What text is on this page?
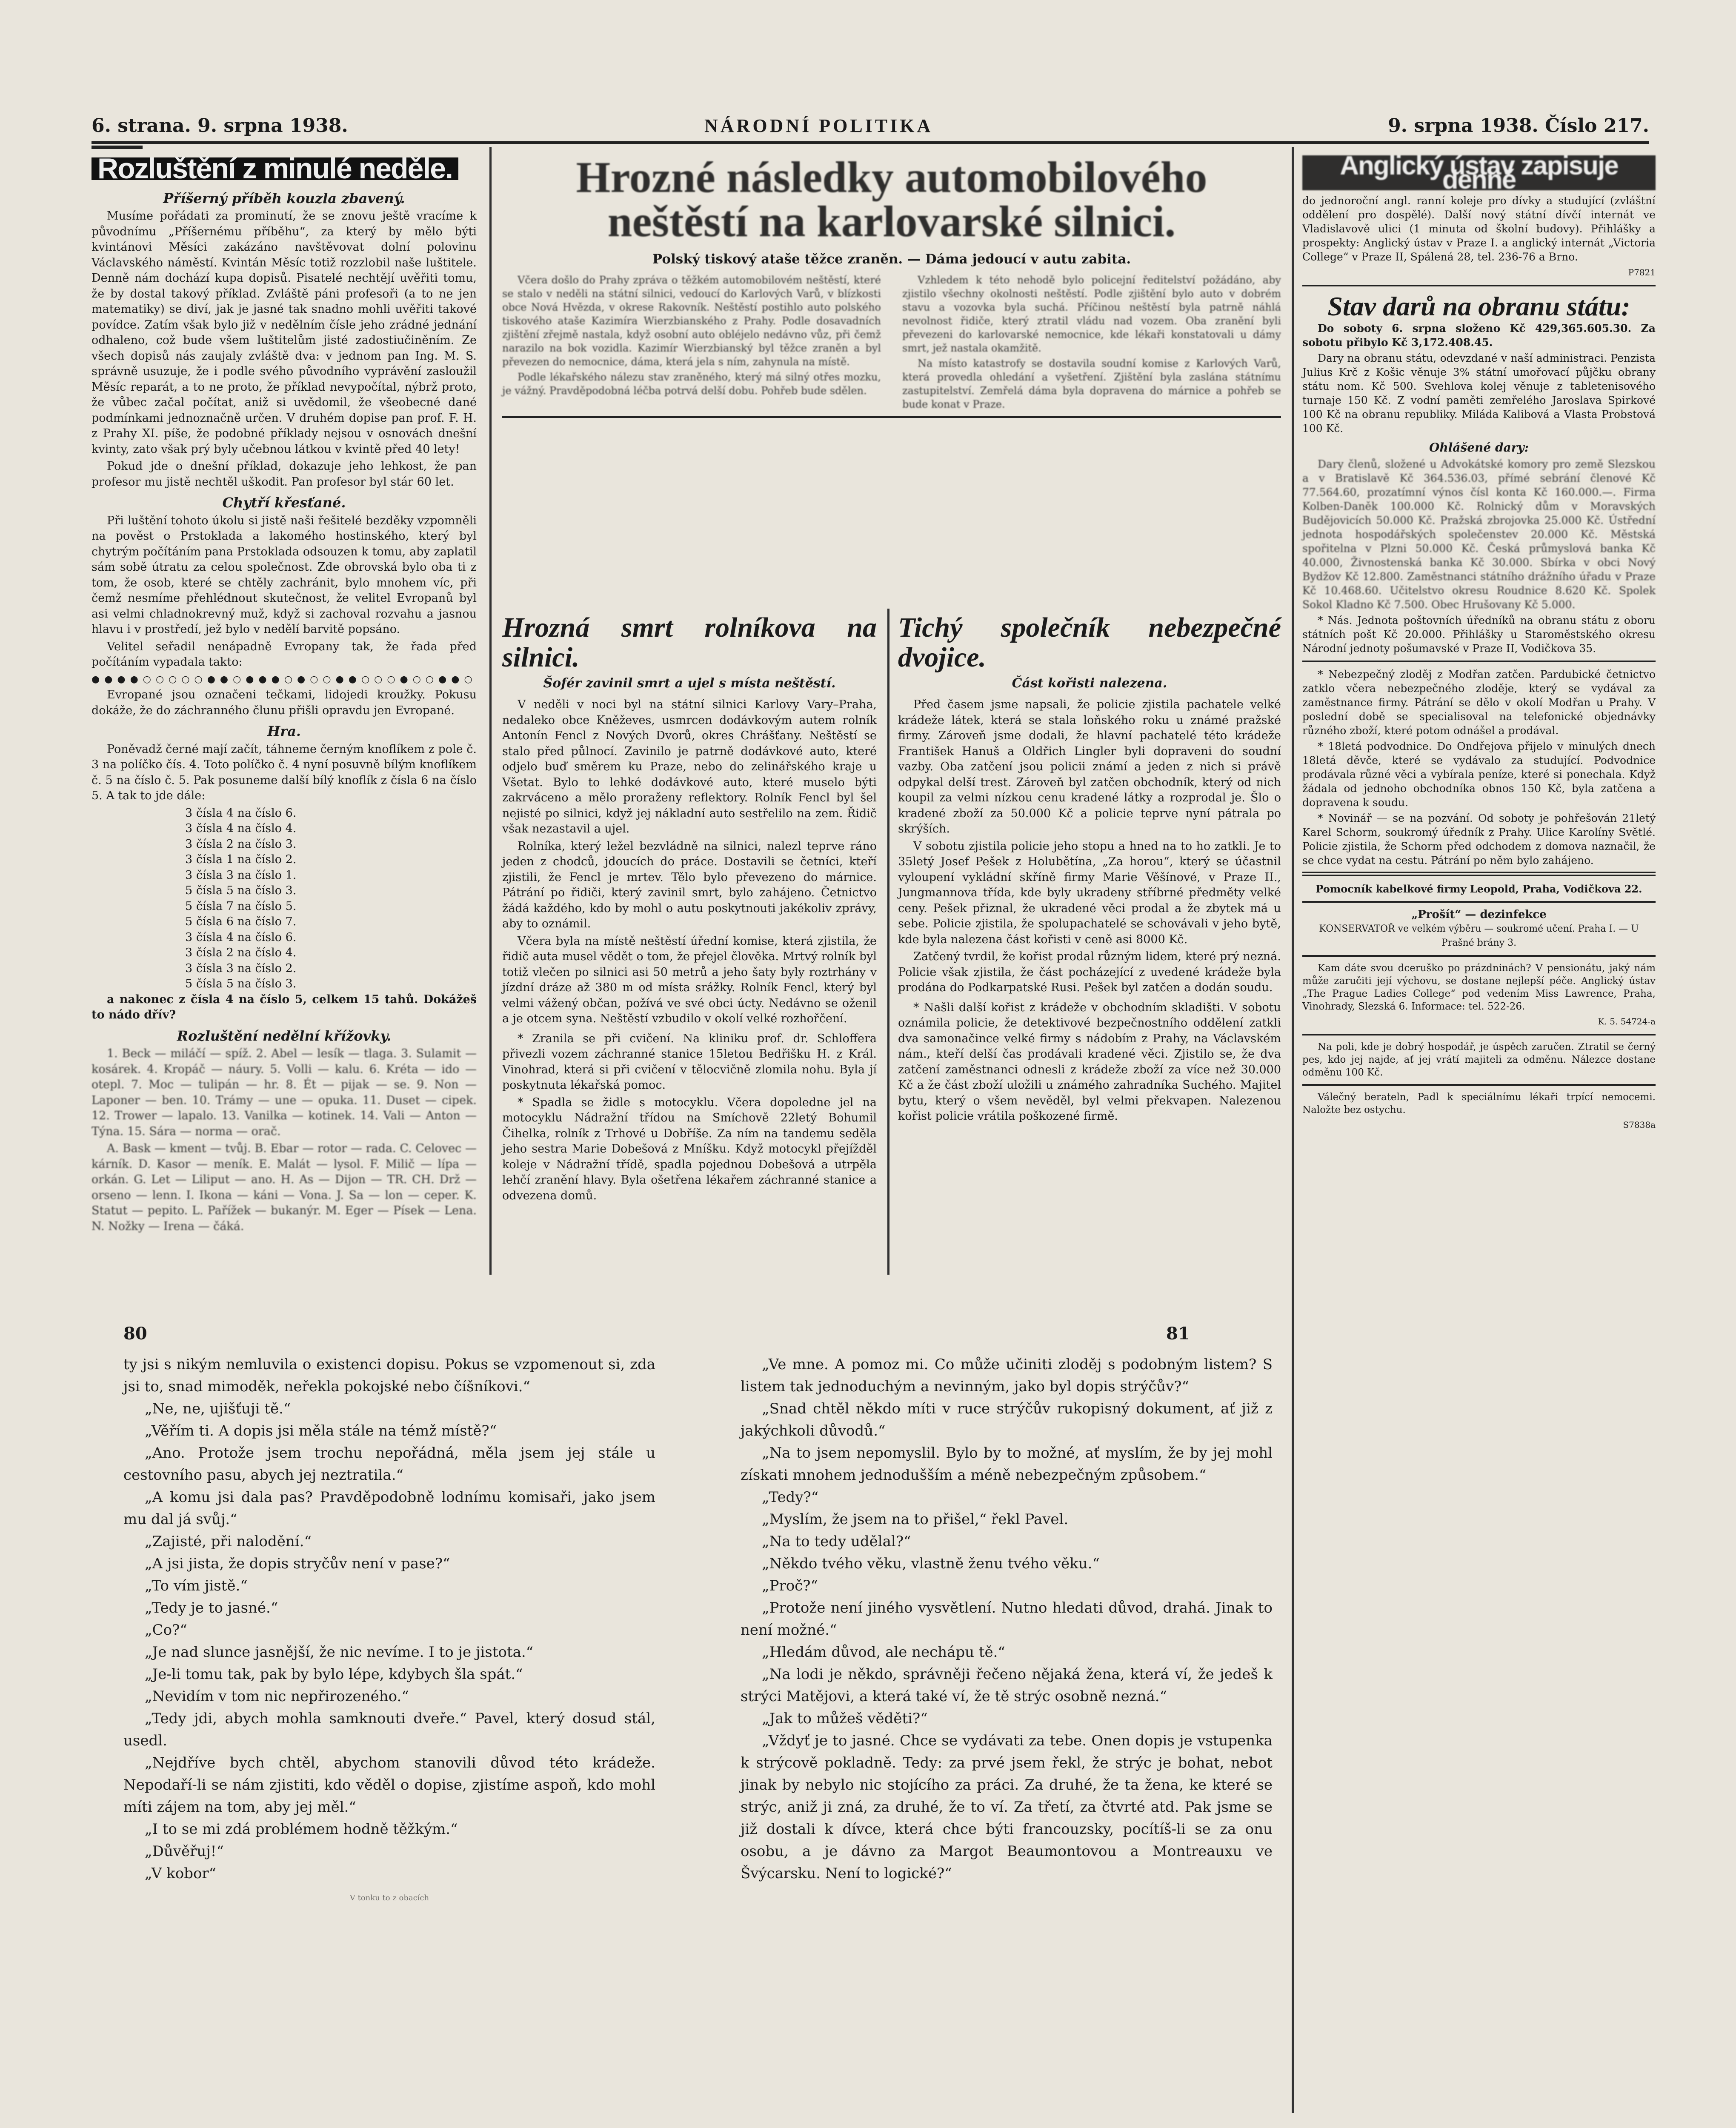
6. strana. 9. srpna 1938.	NÁRODNÍ POLITIKA	9. srpna 1938. Číslo 217.
Rozluštění z minulé neděle.
Příšerný příběh kouzla zbavený.

Musíme pořádati za prominutí, že se znovu ještě vracíme k původnímu „Příšernému příběhu“, za který by mělo býti kvintánovi Měsíci zakázáno navštěvovat dolní polovinu Václavského náměstí. Kvintán Měsíc totiž rozzlobil naše luštitele. Denně nám dochází kupa dopisů. Pisatelé nechtějí uvěřiti tomu, že by dostal takový příklad. Zvláště páni profesoři (a to ne jen matematiky) se diví, jak je jasné tak snadno mohli uvěřiti takové povídce. Zatím však bylo již v nedělním čísle jeho zrádné jednání odhaleno, což bude všem luštitelům jisté zadostiučiněním. Ze všech dopisů nás zaujaly zvláště dva: v jednom pan Ing. M. S. správně usuzuje, že i podle svého původního vyprávění zasloužil Měsíc reparát, a to ne proto, že příklad nevypočítal, nýbrž proto, že vůbec začal počítat, aniž si uvědomil, že všeobecné dané podmínkami jednoznačně určen. V druhém dopise pan prof. F. H. z Prahy XI. píše, že podobné příklady nejsou v osnovách dnešní kvinty, zato však prý byly učebnou látkou v kvintě před 40 lety!

Pokud jde o dnešní příklad, dokazuje jeho lehkost, že pan profesor mu jistě nechtěl uškodit. Pan profesor byl stár 60 let.

Chytří křesťané.

Při luštění tohoto úkolu si jistě naši řešitelé bezděky vzpomněli na pověst o Prstoklada a lakomého hostinského, který byl chytrým počítáním pana Prstoklada odsouzen k tomu, aby zaplatil sám sobě útratu za celou společnost. Zde obrovská bylo oba ti z tom, že osob, které se chtěly zachránit, bylo mnohem víc, při čemž nesmíme přehlédnout skutečnost, že velitel Evropanů byl asi velmi chladnokrevný muž, když si zachoval rozvahu a jasnou hlavu i v prostředí, jež bylo v nedělí barvitě popsáno.

Velitel seřadil nenápadně Evropany tak, že řada před počítáním vypadala takto:

● ● ● ● ○ ○ ○ ○ ○ ● ● ○ ● ● ● ○ ● ○ ○ ● ● ○ ○ ○ ● ○ ○ ● ● ○

Evropané jsou označeni tečkami, lidojedi kroužky. Pokusu dokáže, že do záchranného člunu přišli opravdu jen Evropané.

Hra.

Poněvadž černé mají začít, táhneme černým knoflíkem z pole č. 3 na políčko čís. 4. Toto políčko č. 4 nyní posuvně bílým knoflíkem č. 5 na číslo č. 5. Pak posuneme další bílý knoflík z čísla 6 na číslo 5. A tak to jde dále:

3 čísla 4 na číslo 6.
3 čísla 4 na číslo 4.
3 čísla 2 na číslo 3.
3 čísla 1 na číslo 2.
3 čísla 3 na číslo 1.
5 čísla 5 na číslo 3.
5 čísla 7 na číslo 5.
5 čísla 6 na číslo 7.
3 čísla 4 na číslo 6.
3 čísla 2 na číslo 4.
3 čísla 3 na číslo 2.
5 čísla 5 na číslo 3.

a nakonec z čísla 4 na číslo 5, celkem 15 tahů. Dokážeš to nádo dřív?

Rozluštění nedělní křížovky.

1. Beck — miláčí — spíž. 2. Abel — lesík — tlaga. 3. Sulamit — kosárek. 4. Kropáč — náury. 5. Volli — kalu. 6. Kréta — ido — otepl. 7. Moc — tulipán — hr. 8. Ét — pijak — se. 9. Non — Laponer — ben. 10. Trámy — une — opuka. 11. Duset — cipek. 12. Trower — lapalo. 13. Vanilka — kotinek. 14. Vali — Anton — Týna. 15. Sára — norma — orač.

A. Bask — kment — tvůj. B. Ebar — rotor — rada. C. Celovec — kárník. D. Kasor — meník. E. Malát — lysol. F. Milič — lípa — orkán. G. Let — Liliput — ano. H. As — Dijon — TR. CH. Drž — orseno — lenn. I. Ikona — káni — Vona. J. Sa — lon — ceper. K. Statut — pepito. L. Pařížek — bukanýr. M. Eger — Písek — Lena. N. Nožky — Irena — čáká.

Hrozné následky automobilového neštěstí na karlovarské silnici.
Polský tiskový ataše těžce zraněn. — Dáma jedoucí v autu zabita.

Včera došlo do Prahy zpráva o těžkém automobilovém neštěstí, které se stalo v neděli na státní silnici, vedoucí do Karlových Varů, v blízkosti obce Nová Hvězda, v okrese Rakovník. Neštěstí postihlo auto polského tiskového ataše Kazimíra Wierzbianského z Prahy. Podle dosavadních zjištění zřejmě nastala, když osobní auto obléjelo nedávno vůz, při čemž narazilo na bok vozidla. Kazimír Wierzbianský byl těžce zraněn a byl převezen do nemocnice, dáma, která jela s ním, zahynula na místě.

Podle lékařského nálezu stav zraněného, který má silný otřes mozku, je vážný. Pravděpodobná léčba potrvá delší dobu. Pohřeb bude sdělen.

Vzhledem k této nehodě bylo policejní ředitelství požádáno, aby zjistilo všechny okolnosti neštěstí. Podle zjištění bylo auto v dobrém stavu a vozovka byla suchá. Příčinou neštěstí byla patrně náhlá nevolnost řidiče, který ztratil vládu nad vozem. Oba zranění byli převezeni do karlovarské nemocnice, kde lékaři konstatovali u dámy smrt, jež nastala okamžitě.

Na místo katastrofy se dostavila soudní komise z Karlových Varů, která provedla ohledání a vyšetření. Zjištění byla zaslána státnímu zastupitelství. Zemřelá dáma byla dopravena do márnice a pohřeb se bude konat v Praze.

Hrozná smrt rolníkova na silnici.
Šofér zavinil smrt a ujel s místa neštěstí.

V neděli v noci byl na státní silnici Karlovy Vary–Praha, nedaleko obce Kněževes, usmrcen dodávkovým autem rolník Antonín Fencl z Nových Dvorů, okres Chrášťany. Neštěstí se stalo před půlnocí. Zavinilo je patrně dodávkové auto, které odjelo buď směrem ku Praze, nebo do zelinářského kraje u Všetat. Bylo to lehké dodávkové auto, které muselo býti zakrváceno a mělo proraženy reflektory. Rolník Fencl byl šel nejisté po silnici, když jej nákladní auto sestřelilo na zem. Řidič však nezastavil a ujel.

Rolníka, který ležel bezvládně na silnici, nalezl teprve ráno jeden z chodců, jdoucích do práce. Dostavili se četníci, kteří zjistili, že Fencl je mrtev. Tělo bylo převezeno do márnice. Pátrání po řidiči, který zavinil smrt, bylo zahájeno. Četnictvo žádá každého, kdo by mohl o autu poskytnouti jakékoliv zprávy, aby to oznámil.

Včera byla na místě neštěstí úřední komise, která zjistila, že řidič auta musel vědět o tom, že přejel člověka. Mrtvý rolník byl totiž vlečen po silnici asi 50 metrů a jeho šaty byly roztrhány v jízdní dráze až 380 m od místa srážky. Rolník Fencl, který byl velmi vážený občan, požívá ve své obci úcty. Nedávno se oženil a je otcem syna. Neštěstí vzbudilo v okolí velké rozhořčení.

* Zranila se při cvičení. Na kliniku prof. dr. Schlofferа přivezli vozem záchranné stanice 15letou Bedřišku H. z Král. Vinohrad, která si při cvičení v tělocvičně zlomila nohu. Byla jí poskytnuta lékařská pomoc.

* Spadla se židle s motocyklu. Včera dopoledne jel na motocyklu Nádražní třídou na Smíchově 22letý Bohumil Čihelka, rolník z Trhové u Dobříše. Za ním na tandemu seděla jeho sestra Marie Dobešová z Mníšku. Když motocykl přejížděl koleje v Nádražní třídě, spadla pojednou Dobešová a utrpěla lehčí zranění hlavy. Byla ošetřena lékařem záchranné stanice a odvezena domů.

Tichý společník nebezpečné dvojice.
Část kořisti nalezena.

Před časem jsme napsali, že policie zjistila pachatele velké krádeže látek, která se stala loňského roku u známé pražské firmy. Zároveň jsme dodali, že hlavní pachatelé této krádeže František Hanuš a Oldřich Lingler byli dopraveni do soudní vazby. Oba zatčení jsou policii známí a jeden z nich si právě odpykal delší trest. Zároveň byl zatčen obchodník, který od nich koupil za velmi nízkou cenu kradené látky a rozprodal je. Šlo o kradené zboží za 50.000 Kč a policie teprve nyní pátrala po skrýších.

V sobotu zjistila policie jeho stopu a hned na to ho zatkli. Je to 35letý Josef Pešek z Holubětína, „Za horou“, který se účastnil vyloupení vykládní skříně firmy Marie Věšínové, v Praze II., Jungmannova třída, kde byly ukradeny stříbrné předměty velké ceny. Pešek přiznal, že ukradené věci prodal a že zbytek má u sebe. Policie zjistila, že spolupachatelé se schovávali v jeho bytě, kde byla nalezena část kořisti v ceně asi 8000 Kč.

Zatčený tvrdil, že kořist prodal různým lidem, které prý nezná. Policie však zjistila, že část pocházející z uvedené krádeže byla prodána do Podkarpatské Rusi. Pešek byl zatčen a dodán soudu.

* Našli další kořist z krádeže v obchodním skladišti. V sobotu oznámila policie, že detektivové bezpečnostního oddělení zatkli dva samonačince velké firmy s nádobím z Prahy, na Václavském nám., kteří delší čas prodávali kradené věci. Zjistilo se, že dva zatčení zaměstnanci odnesli z krádeže zboží za více než 30.000 Kč a že část zboží uložili u známého zahradníka Suchého. Majitel bytu, který o všem nevěděl, byl velmi překvapen. Nalezenou kořist policie vrátila poškozené firmě.

Anglický ústav zapisuje denně

do jednoroční angl. ranní koleje pro dívky a studující (zvláštní oddělení pro dospělé). Další nový státní dívčí internát ve Vladislavově ulici (1 minuta od školní budovy). Přihlášky a prospekty: Anglický ústav v Praze I. a anglický internát „Victoria College“ v Praze II, Spálená 28, tel. 236-76 a Brno.

P7821
Stav darů na obranu státu:

Do soboty 6. srpna složeno Kč 429,365.605.30. Za sobotu přibylo Kč 3,172.408.45.

Dary na obranu státu, odevzdané v naší administraci. Penzista Julius Krč z Košic věnuje 3% státní umořovací půjčku obrany státu nom. Kč 500. Svehlova kolej věnuje z tabletenisového turnaje 150 Kč. Z vodní paměti zemřelého Jaroslava Spirkové 100 Kč na obranu republiky. Miláda Kalibová a Vlasta Probstová 100 Kč.

Ohlášené dary:

Dary členů, složené u Advokátské komory pro země Slezskou a v Bratislavě Kč 364.536.03, přímé sebrání členové Kč 77.564.60, prozatímní výnos čísl konta Kč 160.000.—. Firma Kolben-Daněk 100.000 Kč. Rolnický dům v Moravských Budějovicích 50.000 Kč. Pražská zbrojovka 25.000 Kč. Ústřední jednota hospodářských společenstev 20.000 Kč. Městská spořitelna v Plzni 50.000 Kč. Česká průmyslová banka Kč 40.000, Živnostenská banka Kč 30.000. Sbírka v obci Nový Bydžov Kč 12.800. Zaměstnanci státního drážního úřadu v Praze Kč 10.468.60. Učitelstvo okresu Roudnice 8.620 Kč. Spolek Sokol Kladno Kč 7.500. Obec Hrušovany Kč 5.000.

* Nás. Jednota poštovních úředníků na obranu státu z oboru státních pošt Kč 20.000. Přihlášky u Staroměstského okresu Národní jednoty pošumavské v Praze II, Vodičkova 35.

* Nebezpečný zloděj z Modřan zatčen. Pardubické četnictvo zatklo včera nebezpečného zloděje, který se vydával za zaměstnance firmy. Pátrání se dělo v okolí Modřan u Prahy. V poslední době se specialisoval na telefonické objednávky různého zboží, které potom odnášel a prodával.

* 18letá podvodnice. Do Ondřejova přijelo v minulých dnech 18letá děvče, které se vydávalo za studující. Podvodnice prodávala různé věci a vybírala peníze, které si ponechala. Když žádala od jednoho obchodníka obnos 150 Kč, byla zatčena a dopravena k soudu.

* Novinář — se na pozvání. Od soboty je pohřešován 21letý Karel Schorm, soukromý úředník z Prahy. Ulice Karolíny Světlé. Policie zjistila, že Schorm před odchodem z domova naznačil, že se chce vydat na cestu. Pátrání po něm bylo zahájeno.

Pomocník kabelkové firmy Leopold, Praha, Vodičkova 22.
„Prošít“ — dezinfekce
KONSERVATOŘ ve velkém výběru — soukromé učení. Praha I. — U Prašné brány 3.

Kam dáte svou dceruško po prázdninách? V pensionátu, jaký nám může zaručiti její výchovu, se dostane nejlepší péče. Anglický ústav „The Prague Ladies College“ pod vedením Miss Lawrence, Praha, Vinohrady, Slezská 6. Informace: tel. 522-26.

K. 5. 54724-a

Na poli, kde je dobrý hospodář, je úspěch zaručen. Ztratil se černý pes, kdo jej najde, ať jej vrátí majiteli za odměnu. Nálezce dostane odměnu 100 Kč.

Válečný berateln, Padl k speciálnímu lékaři trpící nemocemi. Naložte bez ostychu.

S7838a
80	81

ty jsi s nikým nemluvila o existenci dopisu. Pokus se vzpomenout si, zda jsi to, snad mimoděk, neřekla pokojské nebo číšníkovi.“

„Ne, ne, ujišťuji tě.“

„Věřím ti. A dopis jsi měla stále na témž místě?“

„Ano. Protože jsem trochu nepořádná, měla jsem jej stále u cestovního pasu, abych jej neztratila.“

„A komu jsi dala pas? Pravděpodobně lodnímu komisaři, jako jsem mu dal já svůj.“

„Zajisté, při nalodění.“

„A jsi jista, že dopis stryčův není v pase?“

„To vím jistě.“

„Tedy je to jasné.“

„Co?“

„Je nad slunce jasnější, že nic nevíme. I to je jistota.“

„Je-li tomu tak, pak by bylo lépe, kdybych šla spát.“

„Nevidím v tom nic nepřirozeného.“

„Tedy jdi, abych mohla samknouti dveře.“ Pavel, který dosud stál, usedl.

„Nejdříve bych chtěl, abychom stanovili důvod této krádeže. Nepodaří-li se nám zjistiti, kdo věděl o dopise, zjistíme aspoň, kdo mohl míti zájem na tom, aby jej měl.“

„I to se mi zdá problémem hodně těžkým.“

„Důvěřuj!“

„V kobor“

V tonku to z obacích

„Ve mne. A pomoz mi. Co může učiniti zloděj s podobným listem? S listem tak jednoduchým a nevinným, jako byl dopis strýčův?“

„Snad chtěl někdo míti v ruce strýčův rukopisný dokument, ať již z jakýchkoli důvodů.“

„Na to jsem nepomyslil. Bylo by to možné, ať myslím, že by jej mohl získati mnohem jednodušším a méně nebezpečným způsobem.“

„Tedy?“

„Myslím, že jsem na to přišel,“ řekl Pavel.

„Na to tedy udělal?“

„Někdo tvého věku, vlastně ženu tvého věku.“

„Proč?“

„Protože není jiného vysvětlení. Nutno hledati důvod, drahá. Jinak to není možné.“

„Hledám důvod, ale nechápu tě.“

„Na lodi je někdo, správněji řečeno nějaká žena, která ví, že jedeš k strýci Matějovi, a která také ví, že tě strýc osobně nezná.“

„Jak to můžeš věděti?“

„Vždyť je to jasné. Chce se vydávati za tebe. Onen dopis je vstupenka k strýcově pokladně. Tedy: za prvé jsem řekl, že strýc je bohat, nebot jinak by nebylo nic stojícího za práci. Za druhé, že ta žena, ke které se strýc, aniž ji zná, za druhé, že to ví. Za třetí, za čtvrté atd. Pak jsme se již dostali k dívce, která chce býti francouzsky, pocítíš-li se za onu osobu, a je dávno za Margot Beaumontovou a Montreauxu ve Švýcarsku. Není to logické?“
